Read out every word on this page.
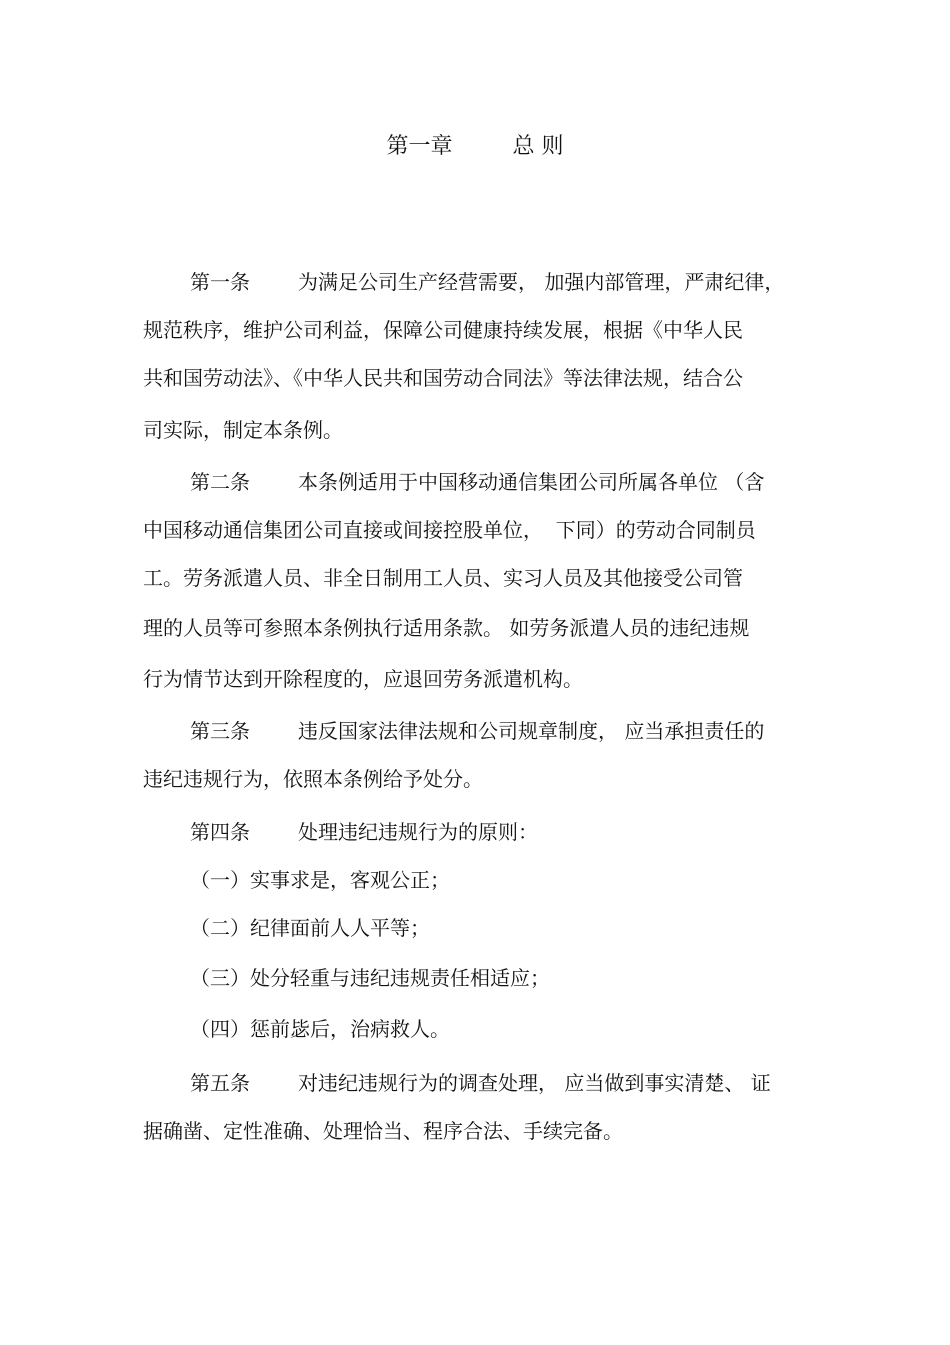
第一章	总 则
第一条 为满足公司生产经营需要， 加强内部管理，严肃纪律，
规范秩序，维护公司利益，保障公司健康持续发展，根据《中华人民
共和国劳动法》、《中华人民共和国劳动合同法》等法律法规，结合公
司实际，制定本条例。
第二条 本条例适用于中国移动通信集团公司所属各单位 （含
中国移动通信集团公司直接或间接控股单位，  下同）的劳动合同制员
工。劳务派遣人员、非全日制用工人员、实习人员及其他接受公司管
理的人员等可参照本条例执行适用条款。 如劳务派遣人员的违纪违规
行为情节达到开除程度的，应退回劳务派遣机构。
第三条 违反国家法律法规和公司规章制度， 应当承担责任的
违纪违规行为，依照本条例给予处分。
第四条 处理违纪违规行为的原则：
（一）实事求是，客观公正；
（二）纪律面前人人平等；
（三）处分轻重与违纪违规责任相适应；
（四）惩前毖后，治病救人。
第五条 对违纪违规行为的调查处理， 应当做到事实清楚、 证
据确凿、定性准确、处理恰当、程序合法、手续完备。
